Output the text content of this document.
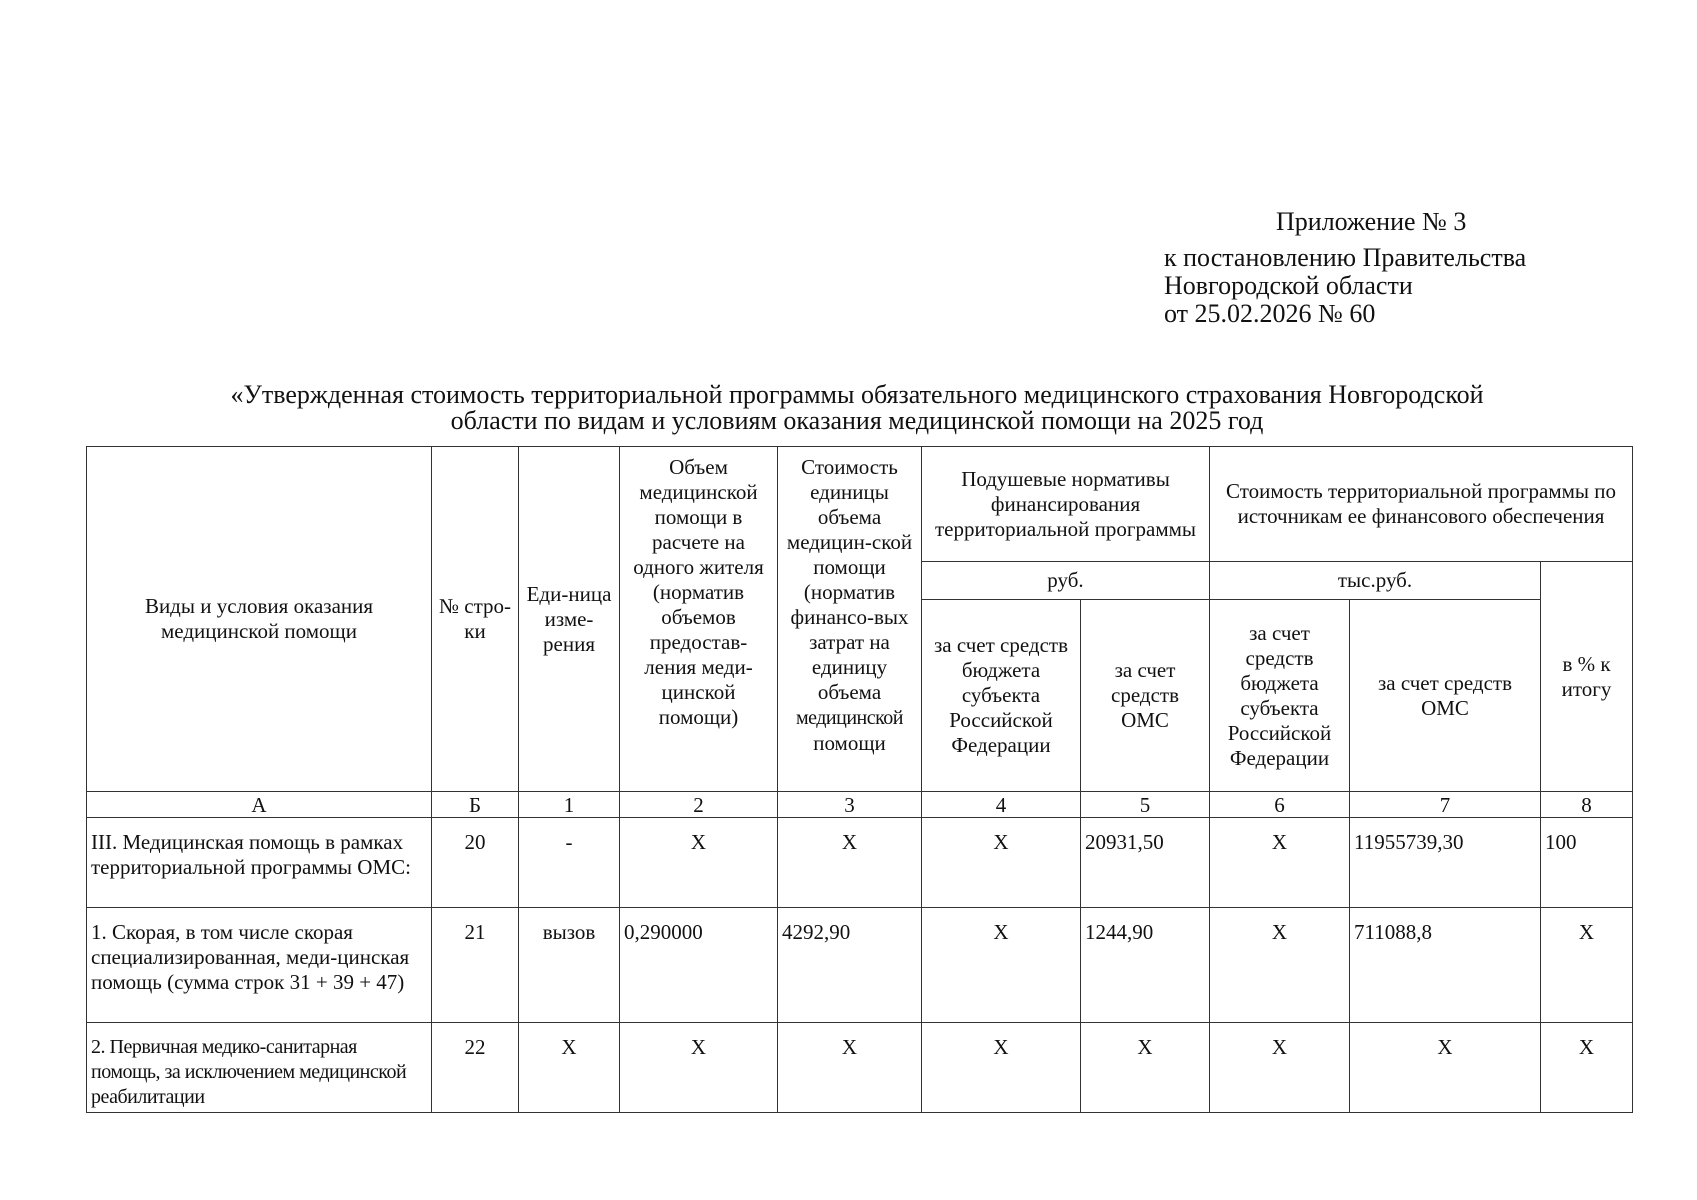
Приложение № 3
к постановлению Правительства
Новгородской области
от 25.02.2026 № 60
«Утвержденная стоимость территориальной программы обязательного медицинского страхования Новгородской
области по видам и условиям оказания медицинской помощи на 2025 год
Виды и условия оказания медицинской помощи	№ стро-ки	Еди-ница изме-рения	Объем медицинской помощи в расчете на одного жителя (норматив объемов предостав-ления меди-цинской помощи)	Стоимость единицы объема медицин-ской помощи (норматив финансо-вых затрат на единицу объема
медицинской
помощи	Подушевые нормативы финансирования территориальной программы		Стоимость территориальной программы по источникам ее финансового обеспечения		
					руб.		тыс.руб.		в % к итогу
					за счет средств бюджета субъекта Российской Федерации	за счет средств ОМС	за счет средств бюджета субъекта Российской Федерации	за счет средств ОМС	
А	Б	1	2	3	4	5	6	7	8
III. Медицинская помощь в рамках территориальной программы ОМС:	20	-	X	X	X	20931,50	X	11955739,30	100
1. Скорая, в том числе скорая специализированная, меди-цинская помощь (сумма строк 31 + 39 + 47)	21	вызов	0,290000	4292,90	X	1244,90	X	711088,8	X
2. Первичная медико-санитарная помощь, за исключением медицинской реабилитации	22	X	X	X	X	X	X	X	X
